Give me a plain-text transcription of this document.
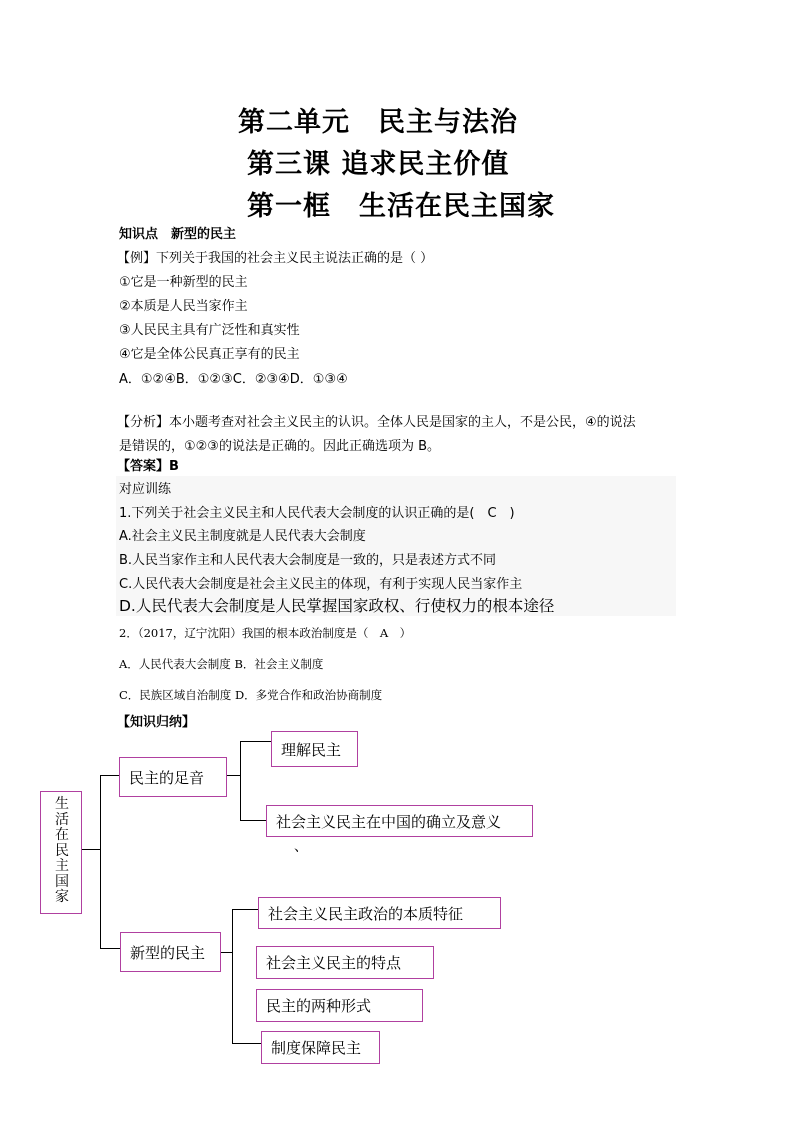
第二单元　民主与法治
第三课 追求民主价值
第一框　生活在民主国家
知识点　新型的民主
【例】下列关于我国的社会主义民主说法正确的是（ ）
①它是一种新型的民主
②本质是人民当家作主
③人民民主具有广泛性和真实性
④它是全体公民真正享有的民主
A．①②④B．①②③C．②③④D．①③④
【分析】本小题考查对社会主义民主的认识。全体人民是国家的主人，不是公民，④的说法
是错误的，①②③的说法是正确的。因此正确选项为 B。
【答案】B
对应训练
1.下列关于社会主义民主和人民代表大会制度的认识正确的是(　C　)
A.社会主义民主制度就是人民代表大会制度
B.人民当家作主和人民代表大会制度是一致的，只是表述方式不同
C.人民代表大会制度是社会主义民主的体现，有利于实现人民当家作主
D.人民代表大会制度是人民掌握国家政权、行使权力的根本途径
2．（2017，辽宁沈阳）我国的根本政治制度是（　A　）
A．人民代表大会制度 B．社会主义制度
C．民族区域自治制度 D．多党合作和政治协商制度
【知识归纳】
生活在民主国家
民主的足音
新型的民主
理解民主
社会主义民主在中国的确立及意义
、
社会主义民主政治的本质特征
社会主义民主的特点
民主的两种形式
制度保障民主
